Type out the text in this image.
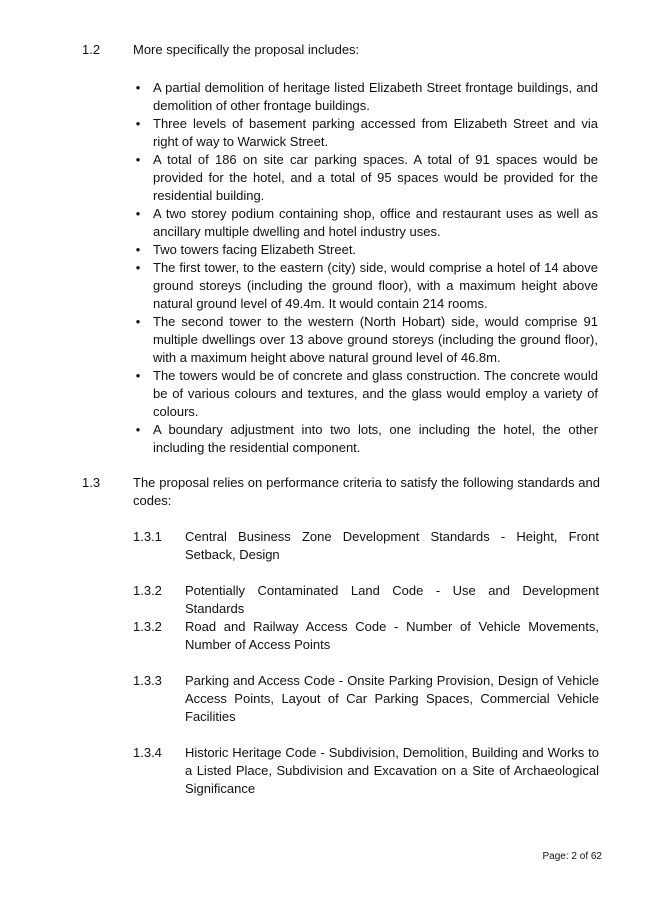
1.2	More specifically the proposal includes:
• A partial demolition of heritage listed Elizabeth Street frontage buildings, and demolition of other frontage buildings.
• Three levels of basement parking accessed from Elizabeth Street and via right of way to Warwick Street.
• A total of 186 on site car parking spaces. A total of 91 spaces would be provided for the hotel, and a total of 95 spaces would be provided for the residential building.
• A two storey podium containing shop, office and restaurant uses as well as ancillary multiple dwelling and hotel industry uses.
• Two towers facing Elizabeth Street.
• The first tower, to the eastern (city) side, would comprise a hotel of 14 above ground storeys (including the ground floor), with a maximum height above natural ground level of 49.4m. It would contain 214 rooms.
• The second tower to the western (North Hobart) side, would comprise 91 multiple dwellings over 13 above ground storeys (including the ground floor), with a maximum height above natural ground level of 46.8m.
• The towers would be of concrete and glass construction. The concrete would be of various colours and textures, and the glass would employ a variety of colours.
• A boundary adjustment into two lots, one including the hotel, the other including the residential component.
1.3	The proposal relies on performance criteria to satisfy the following standards and codes:
1.3.1 Central Business Zone Development Standards - Height, Front Setback, Design
1.3.2 Potentially Contaminated Land Code - Use and Development Standards
1.3.2 Road and Railway Access Code - Number of Vehicle Movements, Number of Access Points
1.3.3 Parking and Access Code - Onsite Parking Provision, Design of Vehicle Access Points, Layout of Car Parking Spaces, Commercial Vehicle Facilities
1.3.4 Historic Heritage Code - Subdivision, Demolition, Building and Works to a Listed Place, Subdivision and Excavation on a Site of Archaeological Significance
Page: 2 of 62
